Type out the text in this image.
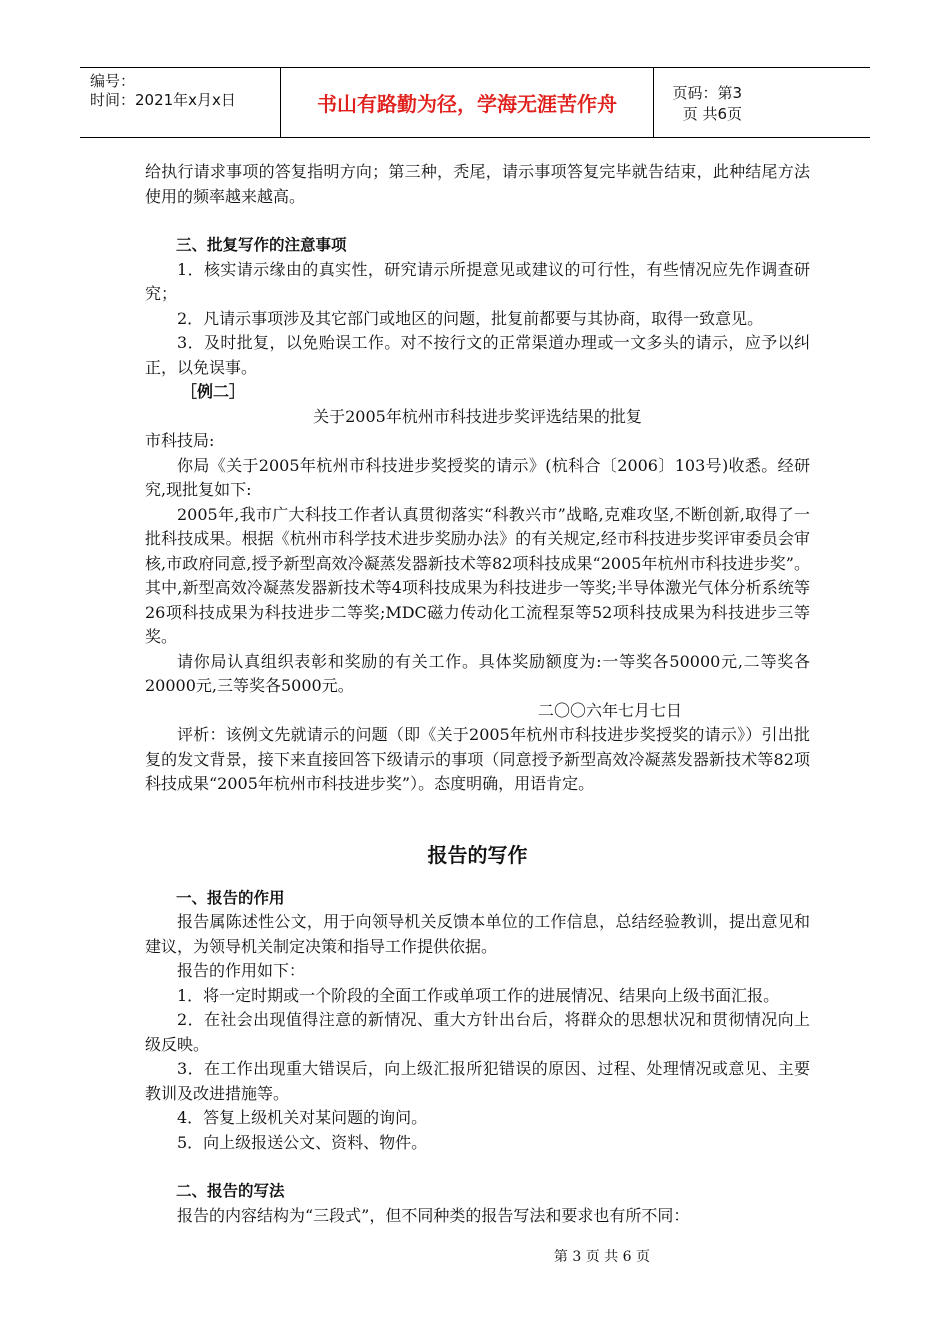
编号：
时间：2021年x月x日	书山有路勤为径，学海无涯苦作舟	页码：第3页 共6页

给执行请求事项的答复指明方向；第三种，秃尾，请示事项答复完毕就告结束，此种结尾方法使用的频率越来越高。

三、批复写作的注意事项

1．核实请示缘由的真实性，研究请示所提意见或建议的可行性，有些情况应先作调查研究；

2．凡请示事项涉及其它部门或地区的问题，批复前都要与其协商，取得一致意见。

3．及时批复，以免贻误工作。对不按行文的正常渠道办理或一文多头的请示，应予以纠正，以免误事。

［例二］

关于2005年杭州市科技进步奖评选结果的批复

市科技局:

你局《关于2005年杭州市科技进步奖授奖的请示》(杭科合〔2006〕103号)收悉。经研究,现批复如下:

2005年,我市广大科技工作者认真贯彻落实“科教兴市”战略,克难攻坚,不断创新,取得了一批科技成果。根据《杭州市科学技术进步奖励办法》的有关规定,经市科技进步奖评审委员会审核,市政府同意,授予新型高效冷凝蒸发器新技术等82项科技成果“2005年杭州市科技进步奖”。其中,新型高效冷凝蒸发器新技术等4项科技成果为科技进步一等奖;半导体激光气体分析系统等26项科技成果为科技进步二等奖;MDC磁力传动化工流程泵等52项科技成果为科技进步三等奖。

请你局认真组织表彰和奖励的有关工作。具体奖励额度为:一等奖各50000元,二等奖各20000元,三等奖各5000元。

二〇〇六年七月七日

评析：该例文先就请示的问题（即《关于2005年杭州市科技进步奖授奖的请示》）引出批复的发文背景，接下来直接回答下级请示的事项（同意授予新型高效冷凝蒸发器新技术等82项科技成果“2005年杭州市科技进步奖”）。态度明确，用语肯定。

报告的写作

一、报告的作用

报告属陈述性公文，用于向领导机关反馈本单位的工作信息，总结经验教训，提出意见和建议，为领导机关制定决策和指导工作提供依据。

报告的作用如下：

1．将一定时期或一个阶段的全面工作或单项工作的进展情况、结果向上级书面汇报。

2．在社会出现值得注意的新情况、重大方针出台后，将群众的思想状况和贯彻情况向上级反映。

3．在工作出现重大错误后，向上级汇报所犯错误的原因、过程、处理情况或意见、主要教训及改进措施等。

4．答复上级机关对某问题的询问。

5．向上级报送公文、资料、物件。

二、报告的写法

报告的内容结构为“三段式”，但不同种类的报告写法和要求也有所不同：

第 3 页 共 6 页
